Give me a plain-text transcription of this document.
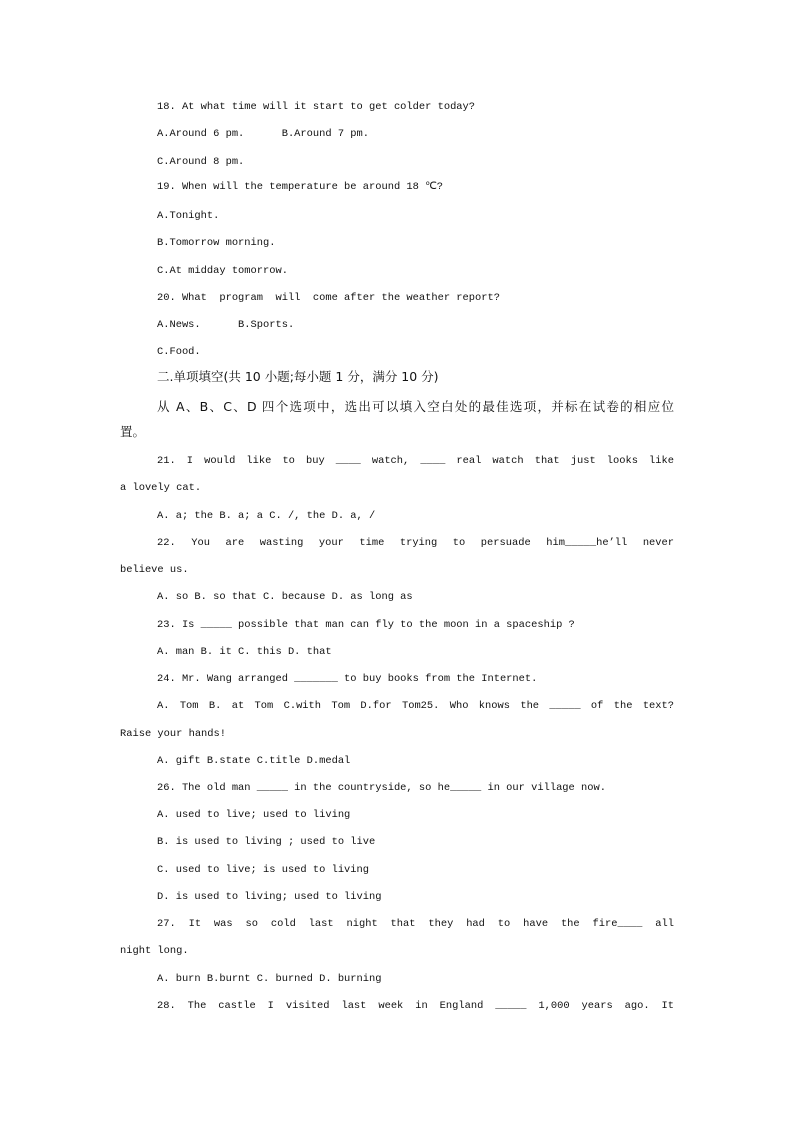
18. At what time will it start to get colder today?
A.Around 6 pm.      B.Around 7 pm.
C.Around 8 pm.
19. When will the temperature be around 18 ℃?
A.Tonight.
B.Tomorrow morning.
C.At midday tomorrow.
20. What  program  will  come after the weather report?
A.News.      B.Sports.
C.Food.
二.单项填空(共 10 小题;每小题 1 分，满分 10 分)
从 A、B、C、D 四个选项中，选出可以填入空白处的最佳选项，并标在试卷的相应位
置。
21. I would like to buy ____ watch, ____ real watch that just looks like
a lovely cat.
A. a; the B. a; a C. /, the D. a, /
22. You are wasting your time trying to persuade him_____he’ll never
believe us.
A. so B. so that C. because D. as long as
23. Is _____ possible that man can fly to the moon in a spaceship ?
A. man B. it C. this D. that
24. Mr. Wang arranged _______ to buy books from the Internet.
A. Tom B. at Tom C.with Tom D.for Tom25. Who knows the _____ of the text?
Raise your hands!
A. gift B.state C.title D.medal
26. The old man _____ in the countryside, so he_____ in our village now.
A. used to live; used to living
B. is used to living ; used to live
C. used to live; is used to living
D. is used to living; used to living
27. It was so cold last night that they had to have the fire____ all
night long.
A. burn B.burnt C. burned D. burning
28. The castle I visited last week in England _____ 1,000 years ago. It
